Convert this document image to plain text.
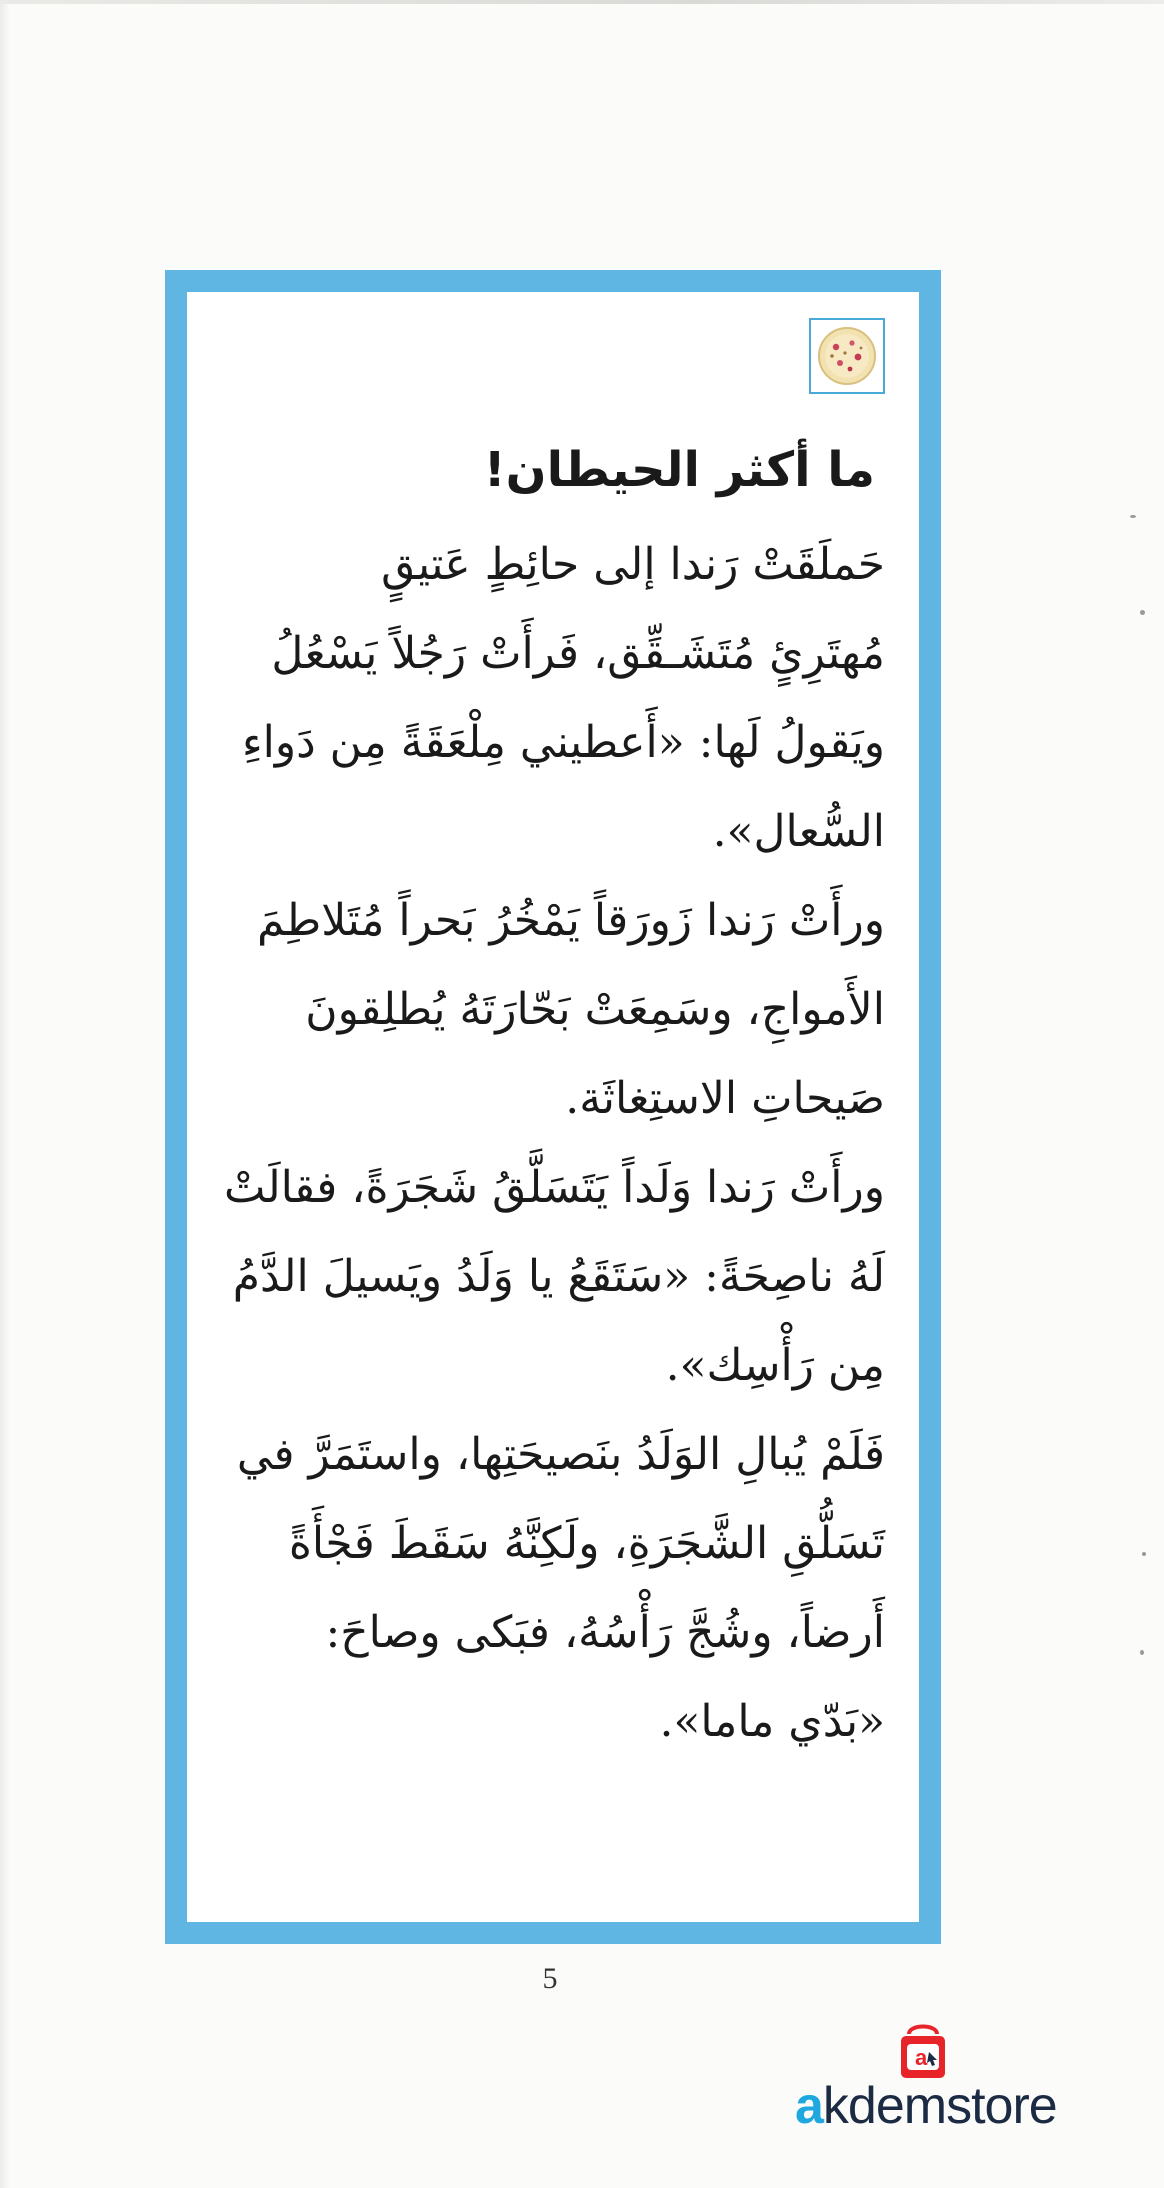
ما أكثر الحيطان!

حَملَقَتْ رَندا إلى حائِطٍ عَتيقٍ
مُهتَرِئٍ مُتَشَـقِّق، فَرأَتْ رَجُلاً يَسْعُلُ
ويَقولُ لَها: «أَعطيني مِلْعَقَةً مِن دَواءِ
السُّعال».

ورأَتْ رَندا زَورَقاً يَمْخُرُ بَحراً مُتَلاطِمَ
الأَمواجِ، وسَمِعَتْ بَحّارَتَهُ يُطلِقونَ
صَيحاتِ الاستِغاثَة.

ورأَتْ رَندا وَلَداً يَتَسَلَّقُ شَجَرَةً، فقالَتْ
لَهُ ناصِحَةً: «سَتَقَعُ يا وَلَدُ ويَسيلَ الدَّمُ
مِن رَأْسِك».

فَلَمْ يُبالِ الوَلَدُ بنَصيحَتِها، واستَمَرَّ في
تَسَلُّقِ الشَّجَرَةِ، ولَكِنَّهُ سَقَطَ فَجْأَةً
أَرضاً، وشُجَّ رَأْسُهُ، فبَكى وصاحَ:
«بَدّي ماما».

5
a
akdemstore
